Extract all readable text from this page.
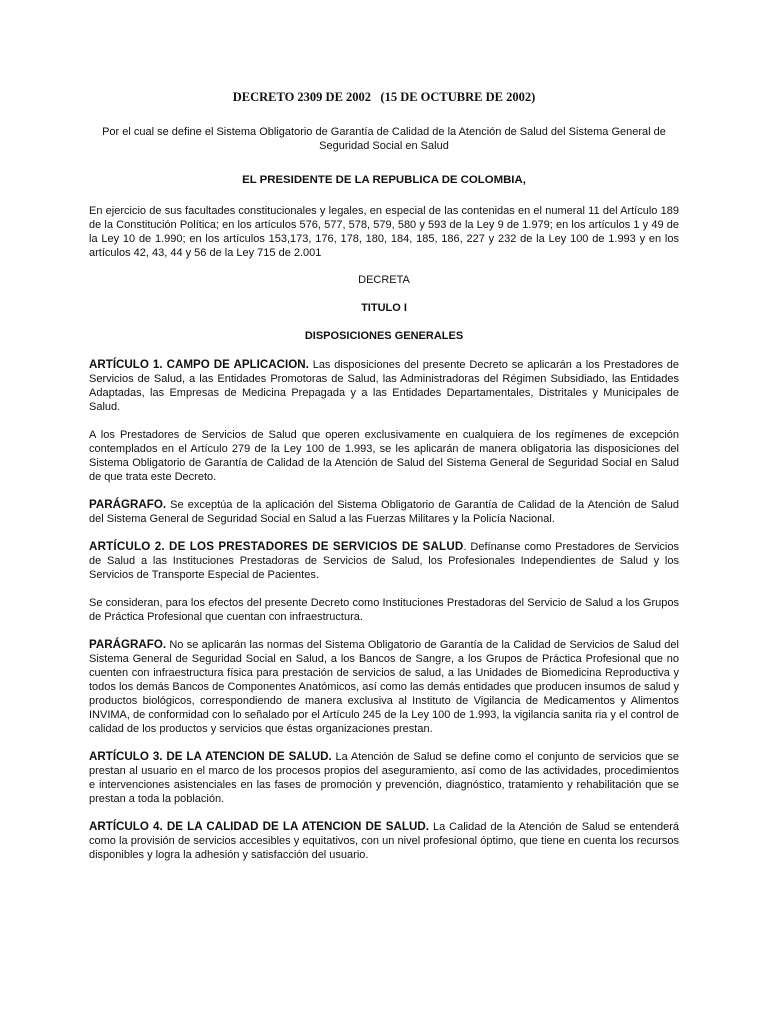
DECRETO 2309 DE 2002   (15 DE OCTUBRE DE 2002)
Por el cual se define el Sistema Obligatorio de Garantía de Calidad de la Atención de Salud del Sistema General de Seguridad Social en Salud
EL PRESIDENTE DE LA REPUBLICA DE COLOMBIA,
En ejercicio de sus facultades constitucionales y legales, en especial de las contenidas en el numeral 11 del Artículo 189 de la Constitución Política; en los artículos 576, 577, 578, 579, 580 y 593 de la Ley 9 de 1.979; en los artículos 1 y 49 de la Ley 10 de 1.990; en los artículos 153,173, 176, 178, 180, 184, 185, 186, 227 y 232 de la Ley 100 de 1.993 y en los artículos 42, 43, 44 y 56 de la Ley 715 de 2.001
DECRETA
TITULO I
DISPOSICIONES GENERALES
ARTÍCULO 1. CAMPO DE APLICACION. Las disposiciones del presente Decreto se aplicarán a los Prestadores de Servicios de Salud, a las Entidades Promotoras de Salud, las Administradoras del Régimen Subsidiado, las Entidades Adaptadas, las Empresas de Medicina Prepagada y a las Entidades Departamentales, Distritales y Municipales de Salud.
A los Prestadores de Servicios de Salud que operen exclusivamente en cualquiera de los regímenes de excepción contemplados en el Artículo 279 de la Ley 100 de 1.993, se les aplicarán de manera obligatoria las disposiciones del Sistema Obligatorio de Garantía de Calidad de la Atención de Salud del Sistema General de Seguridad Social en Salud de que trata este Decreto.
PARÁGRAFO. Se exceptúa de la aplicación del Sistema Obligatorio de Garantía de Calidad de la Atención de Salud del Sistema General de Seguridad Social en Salud a las Fuerzas Militares y la Policía Nacional.
ARTÍCULO 2. DE LOS PRESTADORES DE SERVICIOS DE SALUD. Defínanse como Prestadores de Servicios de Salud a las Instituciones Prestadoras de Servicios de Salud, los Profesionales Independientes de Salud y los Servicios de Transporte Especial de Pacientes.
Se consideran, para los efectos del presente Decreto como Instituciones Prestadoras del Servicio de Salud a los Grupos de Práctica Profesional que cuentan con infraestructura.
PARÁGRAFO. No se aplicarán las normas del Sistema Obligatorio de Garantía de la Calidad de Servicios de Salud del Sistema General de Seguridad Social en Salud, a los Bancos de Sangre, a los Grupos de Práctica Profesional que no cuenten con infraestructura física para prestación de servicios de salud, a las Unidades de Biomedicina Reproductiva y todos los demás Bancos de Componentes Anatómicos, así como las demás entidades que producen insumos de salud y productos biológicos, correspondiendo de manera exclusiva al Instituto de Vigilancia de Medicamentos y Alimentos INVIMA, de conformidad con lo señalado por el Artículo 245 de la Ley 100 de 1.993, la vigilancia sanita ria y el control de calidad de los productos y servicios que éstas organizaciones prestan.
ARTÍCULO 3. DE LA ATENCION DE SALUD. La Atención de Salud se define como el conjunto de servicios que se prestan al usuario en el marco de los procesos propios del aseguramiento, así como de las actividades, procedimientos e intervenciones asistenciales en las fases de promoción y prevención, diagnóstico, tratamiento y rehabilitación que se prestan a toda la población.
ARTÍCULO 4. DE LA CALIDAD DE LA ATENCION DE SALUD. La Calidad de la Atención de Salud se entenderá como la provisión de servicios accesibles y equitativos, con un nivel profesional óptimo, que tiene en cuenta los recursos disponibles y logra la adhesión y satisfacción del usuario.
